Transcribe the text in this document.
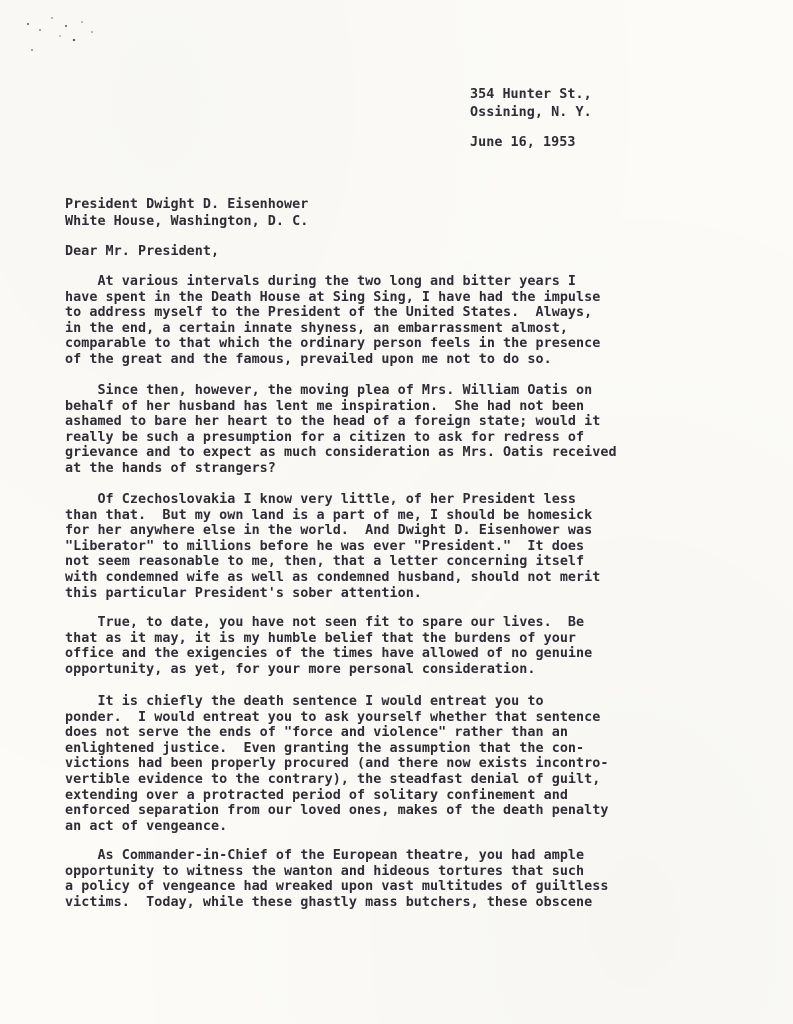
354 Hunter St.,
Ossining, N. Y.
June 16, 1953
President Dwight D. Eisenhower
White House, Washington, D. C.
Dear Mr. President,
At various intervals during the two long and bitter years I
have spent in the Death House at Sing Sing, I have had the impulse
to address myself to the President of the United States.  Always,
in the end, a certain innate shyness, an embarrassment almost,
comparable to that which the ordinary person feels in the presence
of the great and the famous, prevailed upon me not to do so.
Since then, however, the moving plea of Mrs. William Oatis on
behalf of her husband has lent me inspiration.  She had not been
ashamed to bare her heart to the head of a foreign state; would it
really be such a presumption for a citizen to ask for redress of
grievance and to expect as much consideration as Mrs. Oatis received
at the hands of strangers?
Of Czechoslovakia I know very little, of her President less
than that.  But my own land is a part of me, I should be homesick
for her anywhere else in the world.  And Dwight D. Eisenhower was
"Liberator" to millions before he was ever "President."  It does
not seem reasonable to me, then, that a letter concerning itself
with condemned wife as well as condemned husband, should not merit
this particular President's sober attention.
True, to date, you have not seen fit to spare our lives.  Be
that as it may, it is my humble belief that the burdens of your
office and the exigencies of the times have allowed of no genuine
opportunity, as yet, for your more personal consideration.
It is chiefly the death sentence I would entreat you to
ponder.  I would entreat you to ask yourself whether that sentence
does not serve the ends of "force and violence" rather than an
enlightened justice.  Even granting the assumption that the con-
victions had been properly procured (and there now exists incontro-
vertible evidence to the contrary), the steadfast denial of guilt,
extending over a protracted period of solitary confinement and
enforced separation from our loved ones, makes of the death penalty
an act of vengeance.
As Commander-in-Chief of the European theatre, you had ample
opportunity to witness the wanton and hideous tortures that such
a policy of vengeance had wreaked upon vast multitudes of guiltless
victims.  Today, while these ghastly mass butchers, these obscene
